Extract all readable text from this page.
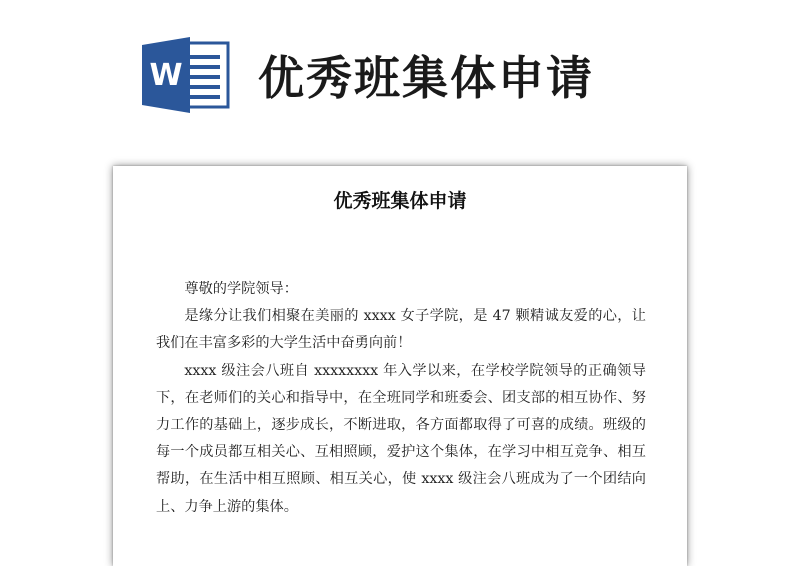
W 优秀班集体申请
优秀班集体申请

尊敬的学院领导：

是缘分让我们相聚在美丽的 xxxx 女子学院，是 47 颗精诚友爱的心，让我们在丰富多彩的大学生活中奋勇向前！

xxxx 级注会八班自 xxxxxxxx 年入学以来，在学校学院领导的正确领导下，在老师们的关心和指导中，在全班同学和班委会、团支部的相互协作、努力工作的基础上，逐步成长，不断进取，各方面都取得了可喜的成绩。班级的每一个成员都互相关心、互相照顾，爱护这个集体，在学习中相互竞争、相互帮助，在生活中相互照顾、相互关心，使 xxxx 级注会八班成为了一个团结向上、力争上游的集体。
